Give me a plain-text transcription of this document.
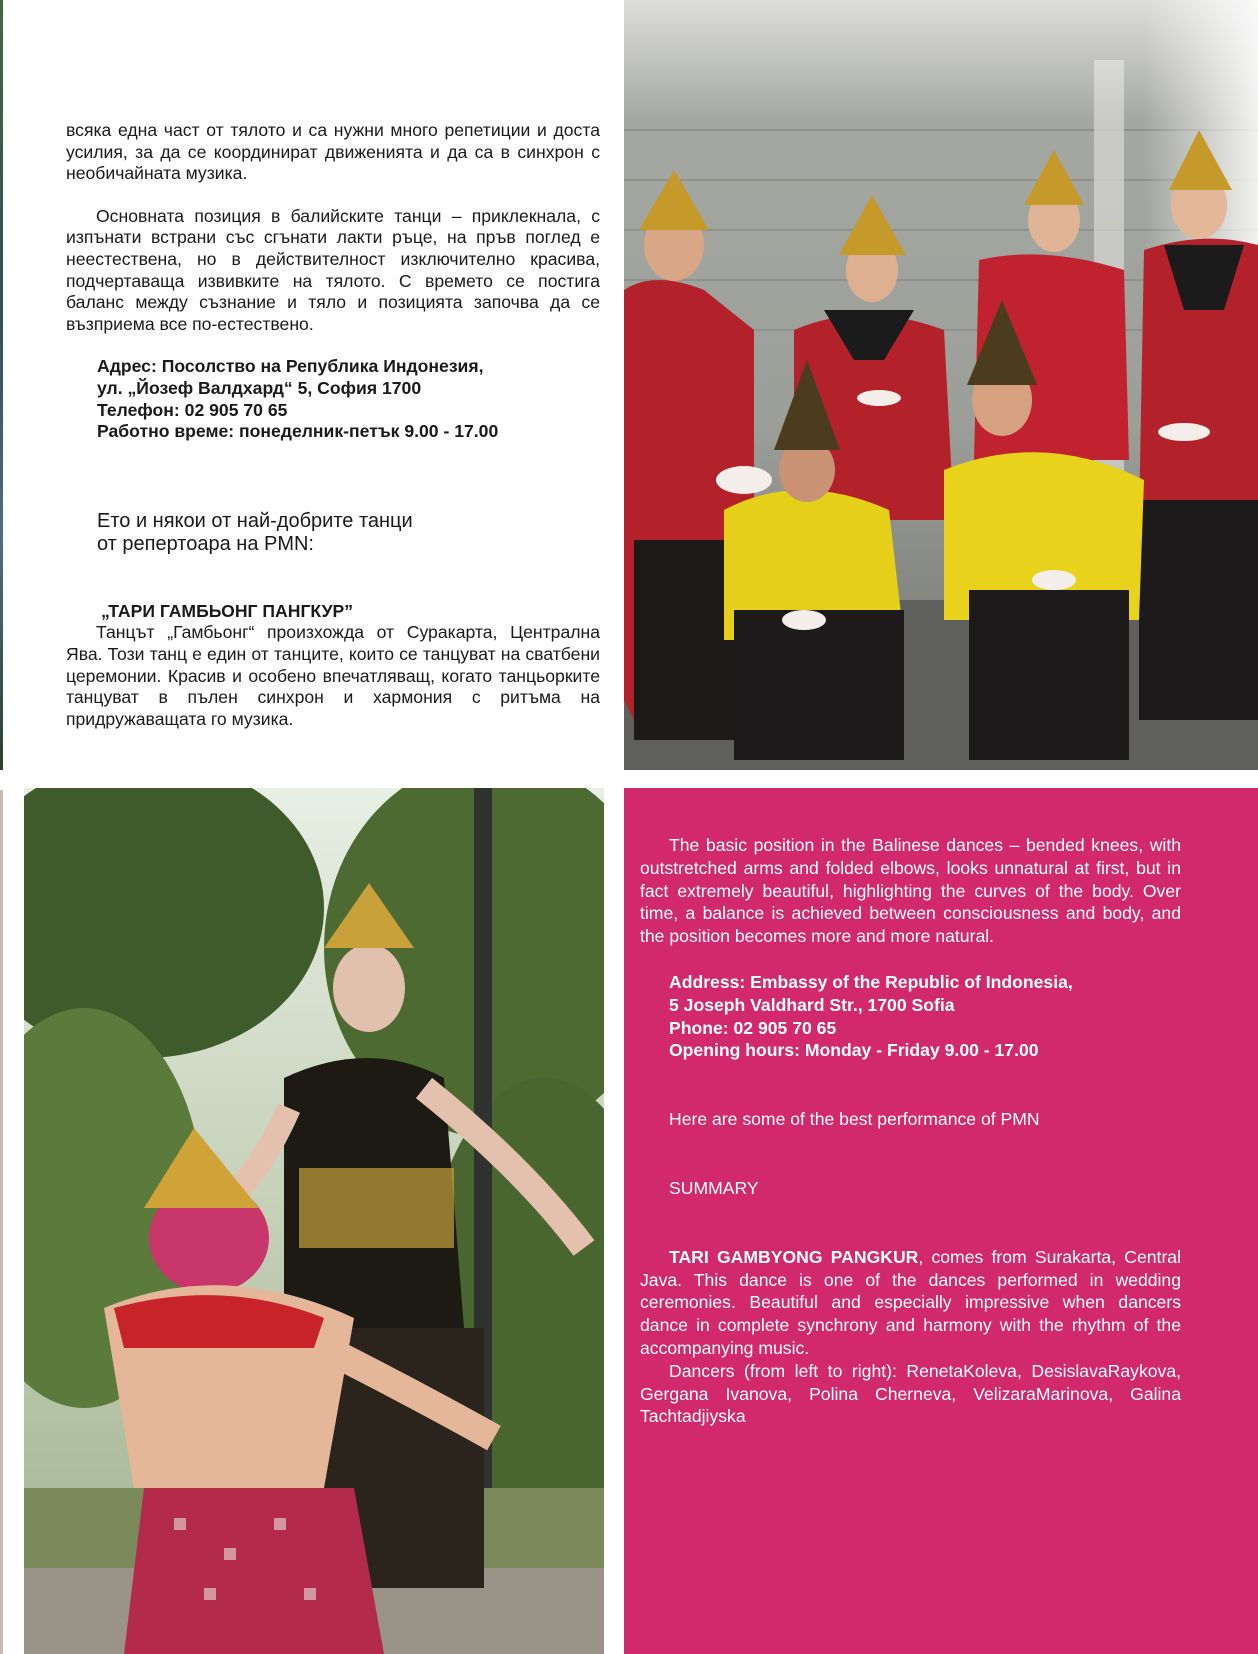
всяка една част от тялото и са нужни много репетиции и доста усилия, за да се координират движенията и да са в синхрон с необичайната музика.

Основната позиция в балийските танци – приклекнала, с изпънати встрани със сгънати лакти ръце, на пръв поглед е неестествена, но в действителност изключително красива, подчертаваща извивките на тялото. С времето се постига баланс между съзнание и тяло и позицията започва да се възприема все по-естествено.

Адрес: Посолство на Република Индонезия,
ул. „Йозеф Валдхард“ 5, София 1700
Телефон: 02 905 70 65
Работно време: понеделник-петък 9.00 - 17.00
Ето и някои от най-добрите танци
от репертоара на PMN:
„ТАРИ ГАМБЬОНГ ПАНГКУР”

Танцът „Гамбьонг“ произхожда от Суракарта, Централна Ява. Този танц е един от танците, които се танцуват на сватбени церемонии. Красив и особено впечатляващ, когато танцьорките танцуват в пълен синхрон и хармония с ритъма на придружаващата го музика.

The basic position in the Balinese dances – bended knees, with outstretched arms and folded elbows, looks unnatural at first, but in fact extremely beautiful, highlighting the curves of the body. Over time, a balance is achieved between consciousness and body, and the position becomes more and more natural.

Address: Embassy of the Republic of Indonesia,
5 Joseph Valdhard Str., 1700 Sofia
Phone: 02 905 70 65
Opening hours: Monday - Friday 9.00 - 17.00
Here are some of the best performance of PMN
SUMMARY

TARI GAMBYONG PANGKUR, comes from Surakarta, Central Java. This dance is one of the dances performed in wedding ceremonies. Beautiful and especially impressive when dancers dance in complete synchrony and harmony with the rhythm of the accompanying music.

Dancers (from left to right): RenetaKoleva, DesislavaRaykova, Gergana Ivanova, Polina Cherneva, VelizaraMarinova, Galina Tachtadjiyska
